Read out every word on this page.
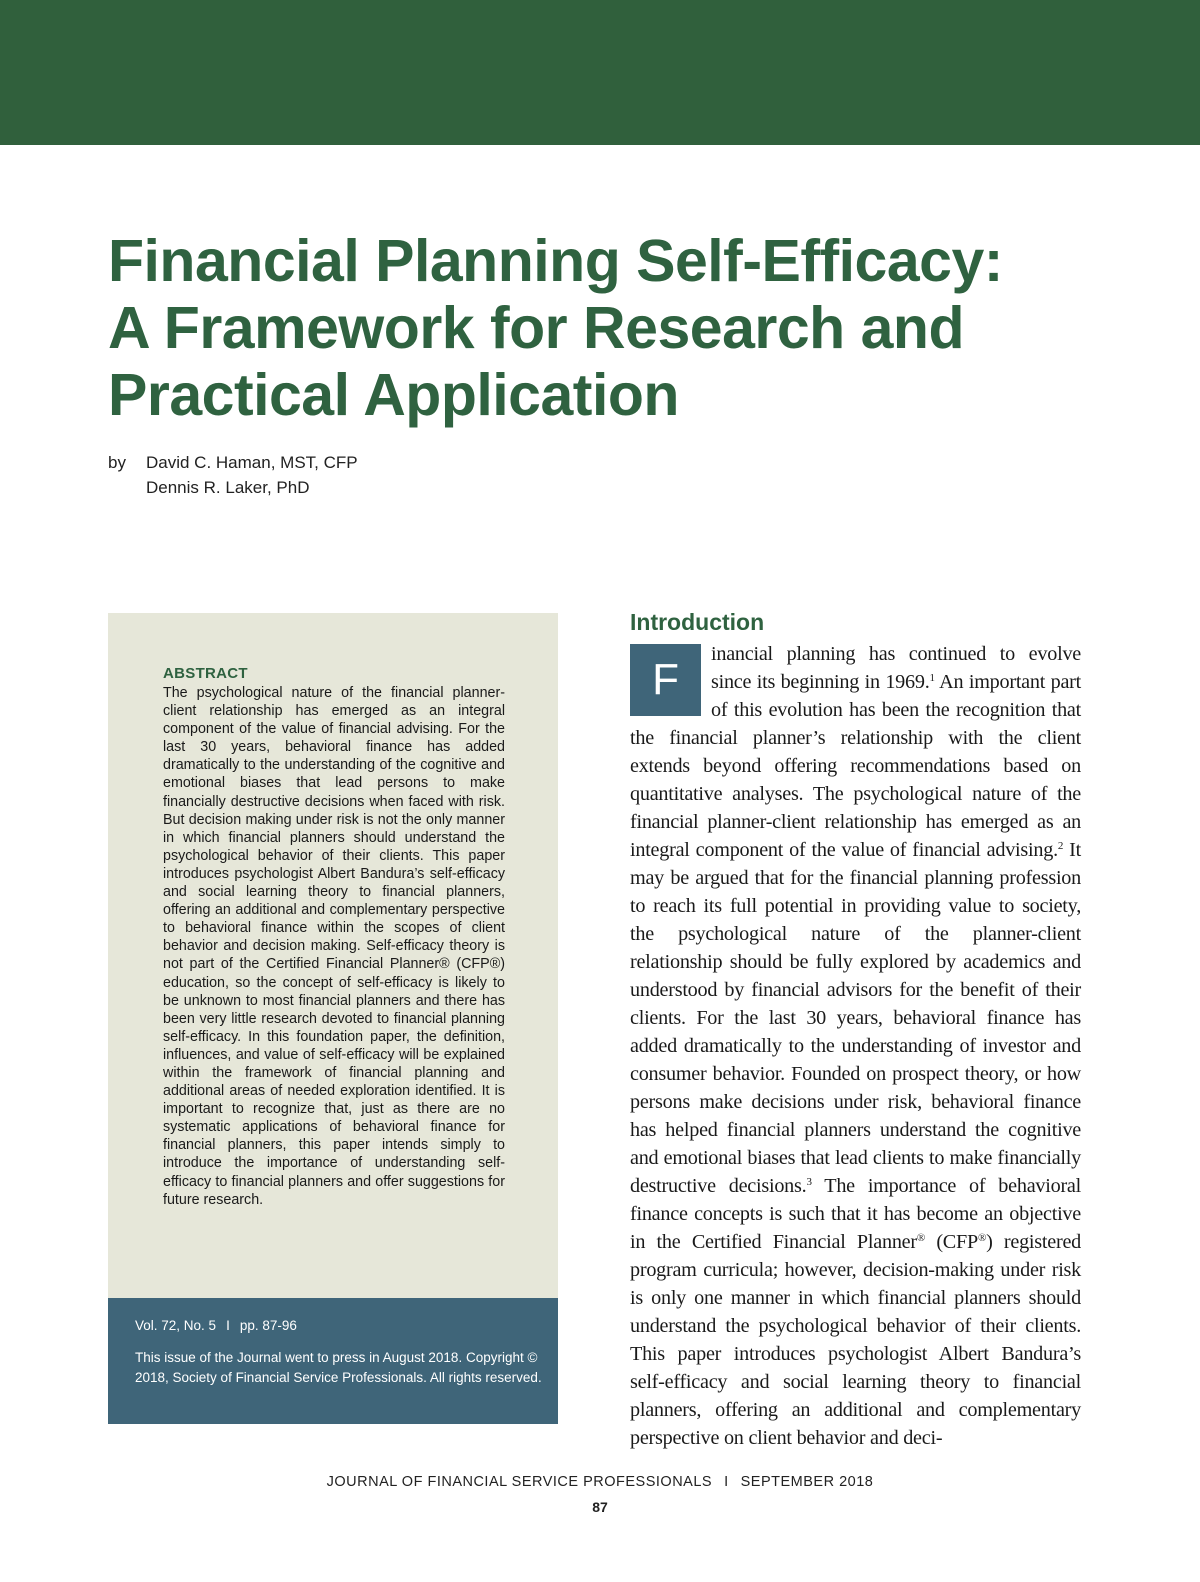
Financial Planning Self-Efficacy:
A Framework for Research and
Practical Application
by David C. Haman, MST, CFP
Dennis R. Laker, PhD
ABSTRACT

The psychological nature of the financial planner-client relationship has emerged as an integral component of the value of financial advising. For the last 30 years, behavioral finance has added dramatically to the understanding of the cognitive and emotional biases that lead persons to make financially destructive decisions when faced with risk. But decision making under risk is not the only manner in which financial planners should understand the psychological behavior of their clients. This paper introduces psychologist Albert Bandura’s self-efficacy and social learning theory to financial planners, offering an additional and complementary perspective to behavioral finance within the scopes of client behavior and decision making. Self-efficacy theory is not part of the Certified Financial Planner® (CFP®) education, so the concept of self-efficacy is likely to be unknown to most financial planners and there has been very little research devoted to financial planning self-efficacy. In this foundation paper, the definition, influences, and value of self-efficacy will be explained within the framework of financial planning and additional areas of needed exploration identified. It is important to recognize that, just as there are no systematic applications of behavioral finance for financial planners, this paper intends simply to introduce the importance of understanding self-efficacy to financial planners and offer suggestions for future research.

Vol. 72, No. 5 I pp. 87-96

This issue of the Journal went to press in August 2018. Copyright © 2018, Society of Financial Service Professionals. All rights reserved.

Introduction

F
inancial planning has continued to evolve since its beginning in 1969.$^1$ An important part of this evolution has been the recognition that the financial planner’s relationship with the client extends beyond offering recommendations based on quantitative analyses. The psychological nature of the financial planner-client relationship has emerged as an integral component of the value of financial advising.$^2$ It may be argued that for the financial planning profession to reach its full potential in providing value to society, the psychological nature of the planner-client relationship should be fully explored by academics and understood by financial advisors for the benefit of their clients. For the last 30 years, behavioral finance has added dramatically to the understanding of investor and consumer behavior. Founded on prospect theory, or how persons make decisions under risk, behavioral finance has helped financial planners understand the cognitive and emotional biases that lead clients to make financially destructive decisions.$^3$ The importance of behavioral finance concepts is such that it has become an objective in the Certified Financial Planner® (CFP®) registered program curricula; however, decision-making under risk is only one manner in which financial planners should understand the psychological behavior of their clients. This paper introduces psychologist Albert Bandura’s self-efficacy and social learning theory to financial planners, offering an additional and complementary perspective on client behavior and deci-

JOURNAL OF FINANCIAL SERVICE PROFESSIONALS I SEPTEMBER 2018
87
